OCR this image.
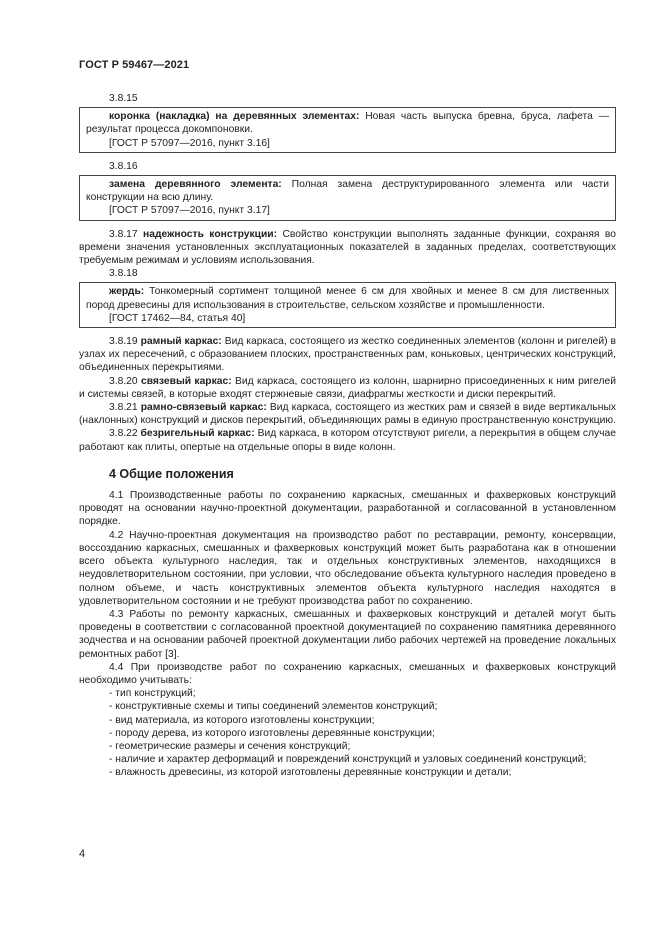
ГОСТ Р 59467—2021
3.8.15

коронка (накладка) на деревянных элементах: Новая часть выпуска бревна, бруса, лафета — результат процесса докомпоновки.

[ГОСТ Р 57097—2016, пункт 3.16]
3.8.16

замена деревянного элемента: Полная замена деструктурированного элемента или части конструкции на всю длину.

[ГОСТ Р 57097—2016, пункт 3.17]

3.8.17 надежность конструкции: Свойство конструкции выполнять заданные функции, сохраняя во времени значения установленных эксплуатационных показателей в заданных пределах, соответствующих требуемым режимам и условиям использования.

3.8.18

жердь: Тонкомерный сортимент толщиной менее 6 см для хвойных и менее 8 см для лиственных пород древесины для использования в строительстве, сельском хозяйстве и промышленности.

[ГОСТ 17462—84, статья 40]

3.8.19 рамный каркас: Вид каркаса, состоящего из жестко соединенных элементов (колонн и ригелей) в узлах их пересечений, с образованием плоских, пространственных рам, коньковых, центрических конструкций, объединенных перекрытиями.

3.8.20 связевый каркас: Вид каркаса, состоящего из колонн, шарнирно присоединенных к ним ригелей и системы связей, в которые входят стержневые связи, диафрагмы жесткости и диски перекрытий.

3.8.21 рамно-связевый каркас: Вид каркаса, состоящего из жестких рам и связей в виде вертикальных (наклонных) конструкций и дисков перекрытий, объединяющих рамы в единую пространственную конструкцию.

3.8.22 безригельный каркас: Вид каркаса, в котором отсутствуют ригели, а перекрытия в общем случае работают как плиты, опертые на отдельные опоры в виде колонн.

4 Общие положения

4.1 Производственные работы по сохранению каркасных, смешанных и фахверковых конструкций проводят на основании научно-проектной документации, разработанной и согласованной в установленном порядке.

4.2 Научно-проектная документация на производство работ по реставрации, ремонту, консервации, воссозданию каркасных, смешанных и фахверковых конструкций может быть разработана как в отношении всего объекта культурного наследия, так и отдельных конструктивных элементов, находящихся в неудовлетворительном состоянии, при условии, что обследование объекта культурного наследия проведено в полном объеме, и часть конструктивных элементов объекта культурного наследия находятся в удовлетворительном состоянии и не требуют производства работ по сохранению.

4.3 Работы по ремонту каркасных, смешанных и фахверковых конструкций и деталей могут быть проведены в соответствии с согласованной проектной документацией по сохранению памятника деревянного зодчества и на основании рабочей проектной документации либо рабочих чертежей на проведение локальных ремонтных работ [3].

4.4 При производстве работ по сохранению каркасных, смешанных и фахверковых конструкций необходимо учитывать:

- тип конструкций;
- конструктивные схемы и типы соединений элементов конструкций;
- вид материала, из которого изготовлены конструкции;
- породу дерева, из которого изготовлены деревянные конструкции;
- геометрические размеры и сечения конструкций;
- наличие и характер деформаций и повреждений конструкций и узловых соединений конструкций;
- влажность древесины, из которой изготовлены деревянные конструкции и детали;
4
